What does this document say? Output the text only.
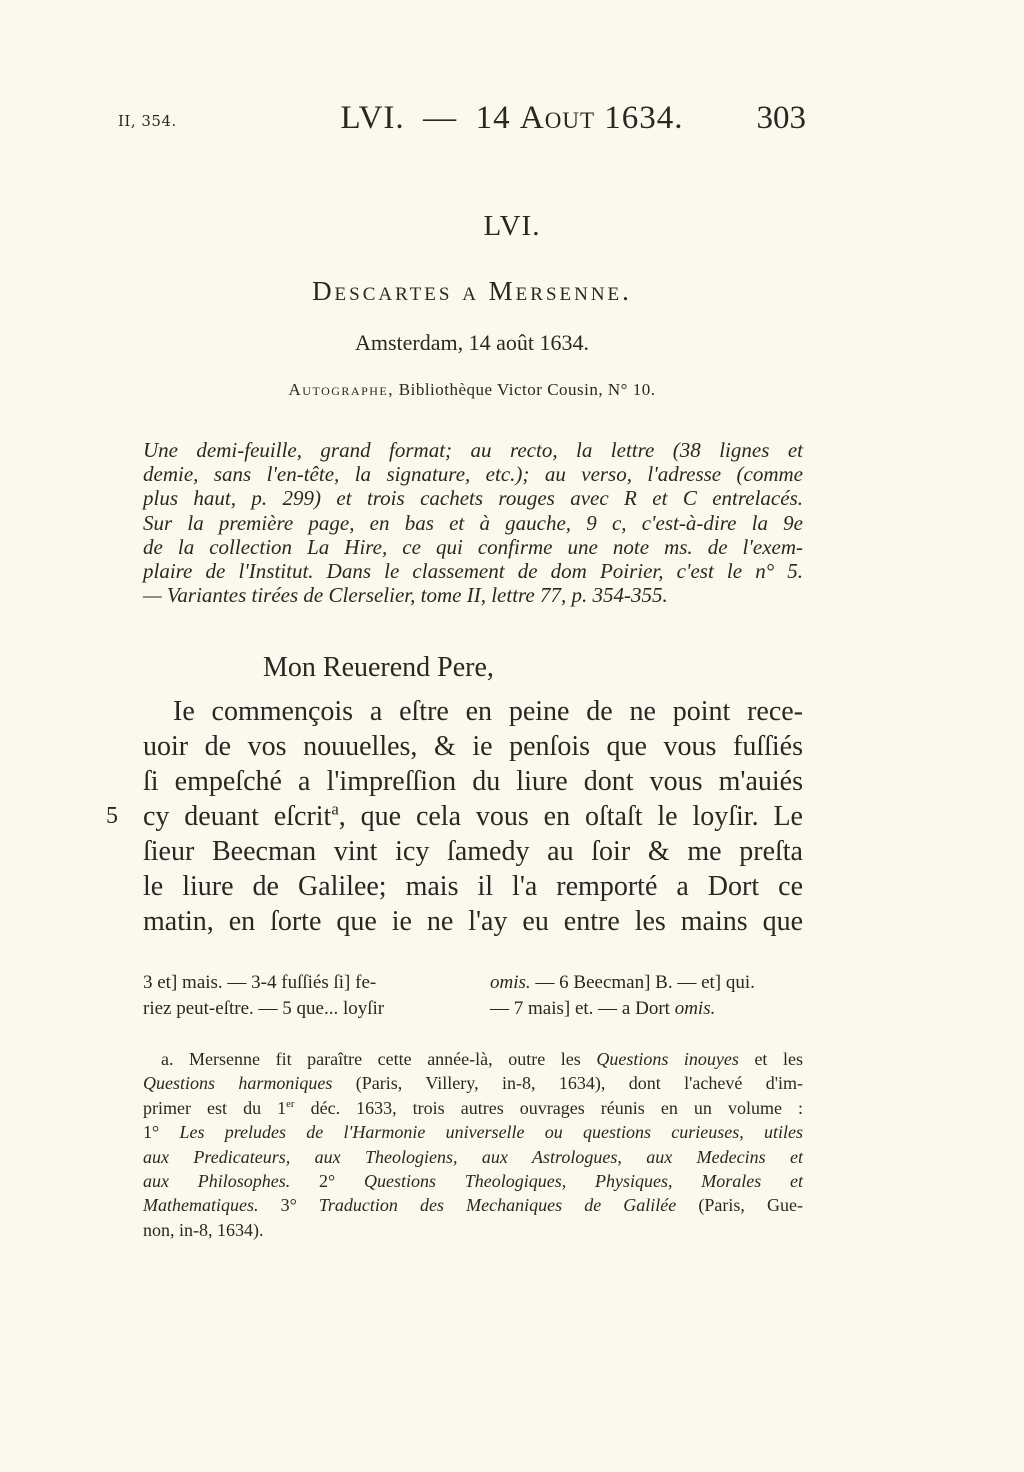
II, 354.	LVI. — 14 Aout 1634.	303
LVI.
Descartes a Mersenne.
Amsterdam, 14 août 1634.
Autographe, Bibliothèque Victor Cousin, N° 10.
Une demi-feuille, grand format; au recto, la lettre (38 lignes et
demie, sans l'en-tête, la signature, etc.); au verso, l'adresse (comme
plus haut, p. 299) et trois cachets rouges avec R et C entrelacés.
Sur la première page, en bas et à gauche, 9 c, c'est-à-dire la 9e
de la collection La Hire, ce qui confirme une note ms. de l'exem-
plaire de l'Institut. Dans le classement de dom Poirier, c'est le n° 5.
— Variantes tirées de Clerselier, tome II, lettre 77, p. 354-355.
Mon Reuerend Pere,
Ie commençois a eſtre en peine de ne point rece-
uoir de vos nouuelles, & ie penſois que vous fuſſiés
ſi empeſché a l'impreſſion du liure dont vous m'auiés
cy deuant eſcrit$^a$, que cela vous en oſtaſt le loyſir. Le
ſieur Beecman vint icy ſamedy au ſoir & me preſta
le liure de Galilee; mais il l'a remporté a Dort ce
matin, en ſorte que ie ne l'ay eu entre les mains que
5
3 et] mais. — 3-4 fuſſiés ſi] fe-
riez peut-eſtre. — 5 que... loyſir
omis. — 6 Beecman] B. — et] qui.
— 7 mais] et. — a Dort omis.
a. Mersenne fit paraître cette année-là, outre les Questions inouyes et les
Questions harmoniques (Paris, Villery, in-8, 1634), dont l'achevé d'im-
primer est du 1er déc. 1633, trois autres ouvrages réunis en un volume :
1° Les preludes de l'Harmonie universelle ou questions curieuses, utiles
aux Predicateurs, aux Theologiens, aux Astrologues, aux Medecins et
aux Philosophes. 2° Questions Theologiques, Physiques, Morales et
Mathematiques. 3° Traduction des Mechaniques de Galilée (Paris, Gue-
non, in-8, 1634).
